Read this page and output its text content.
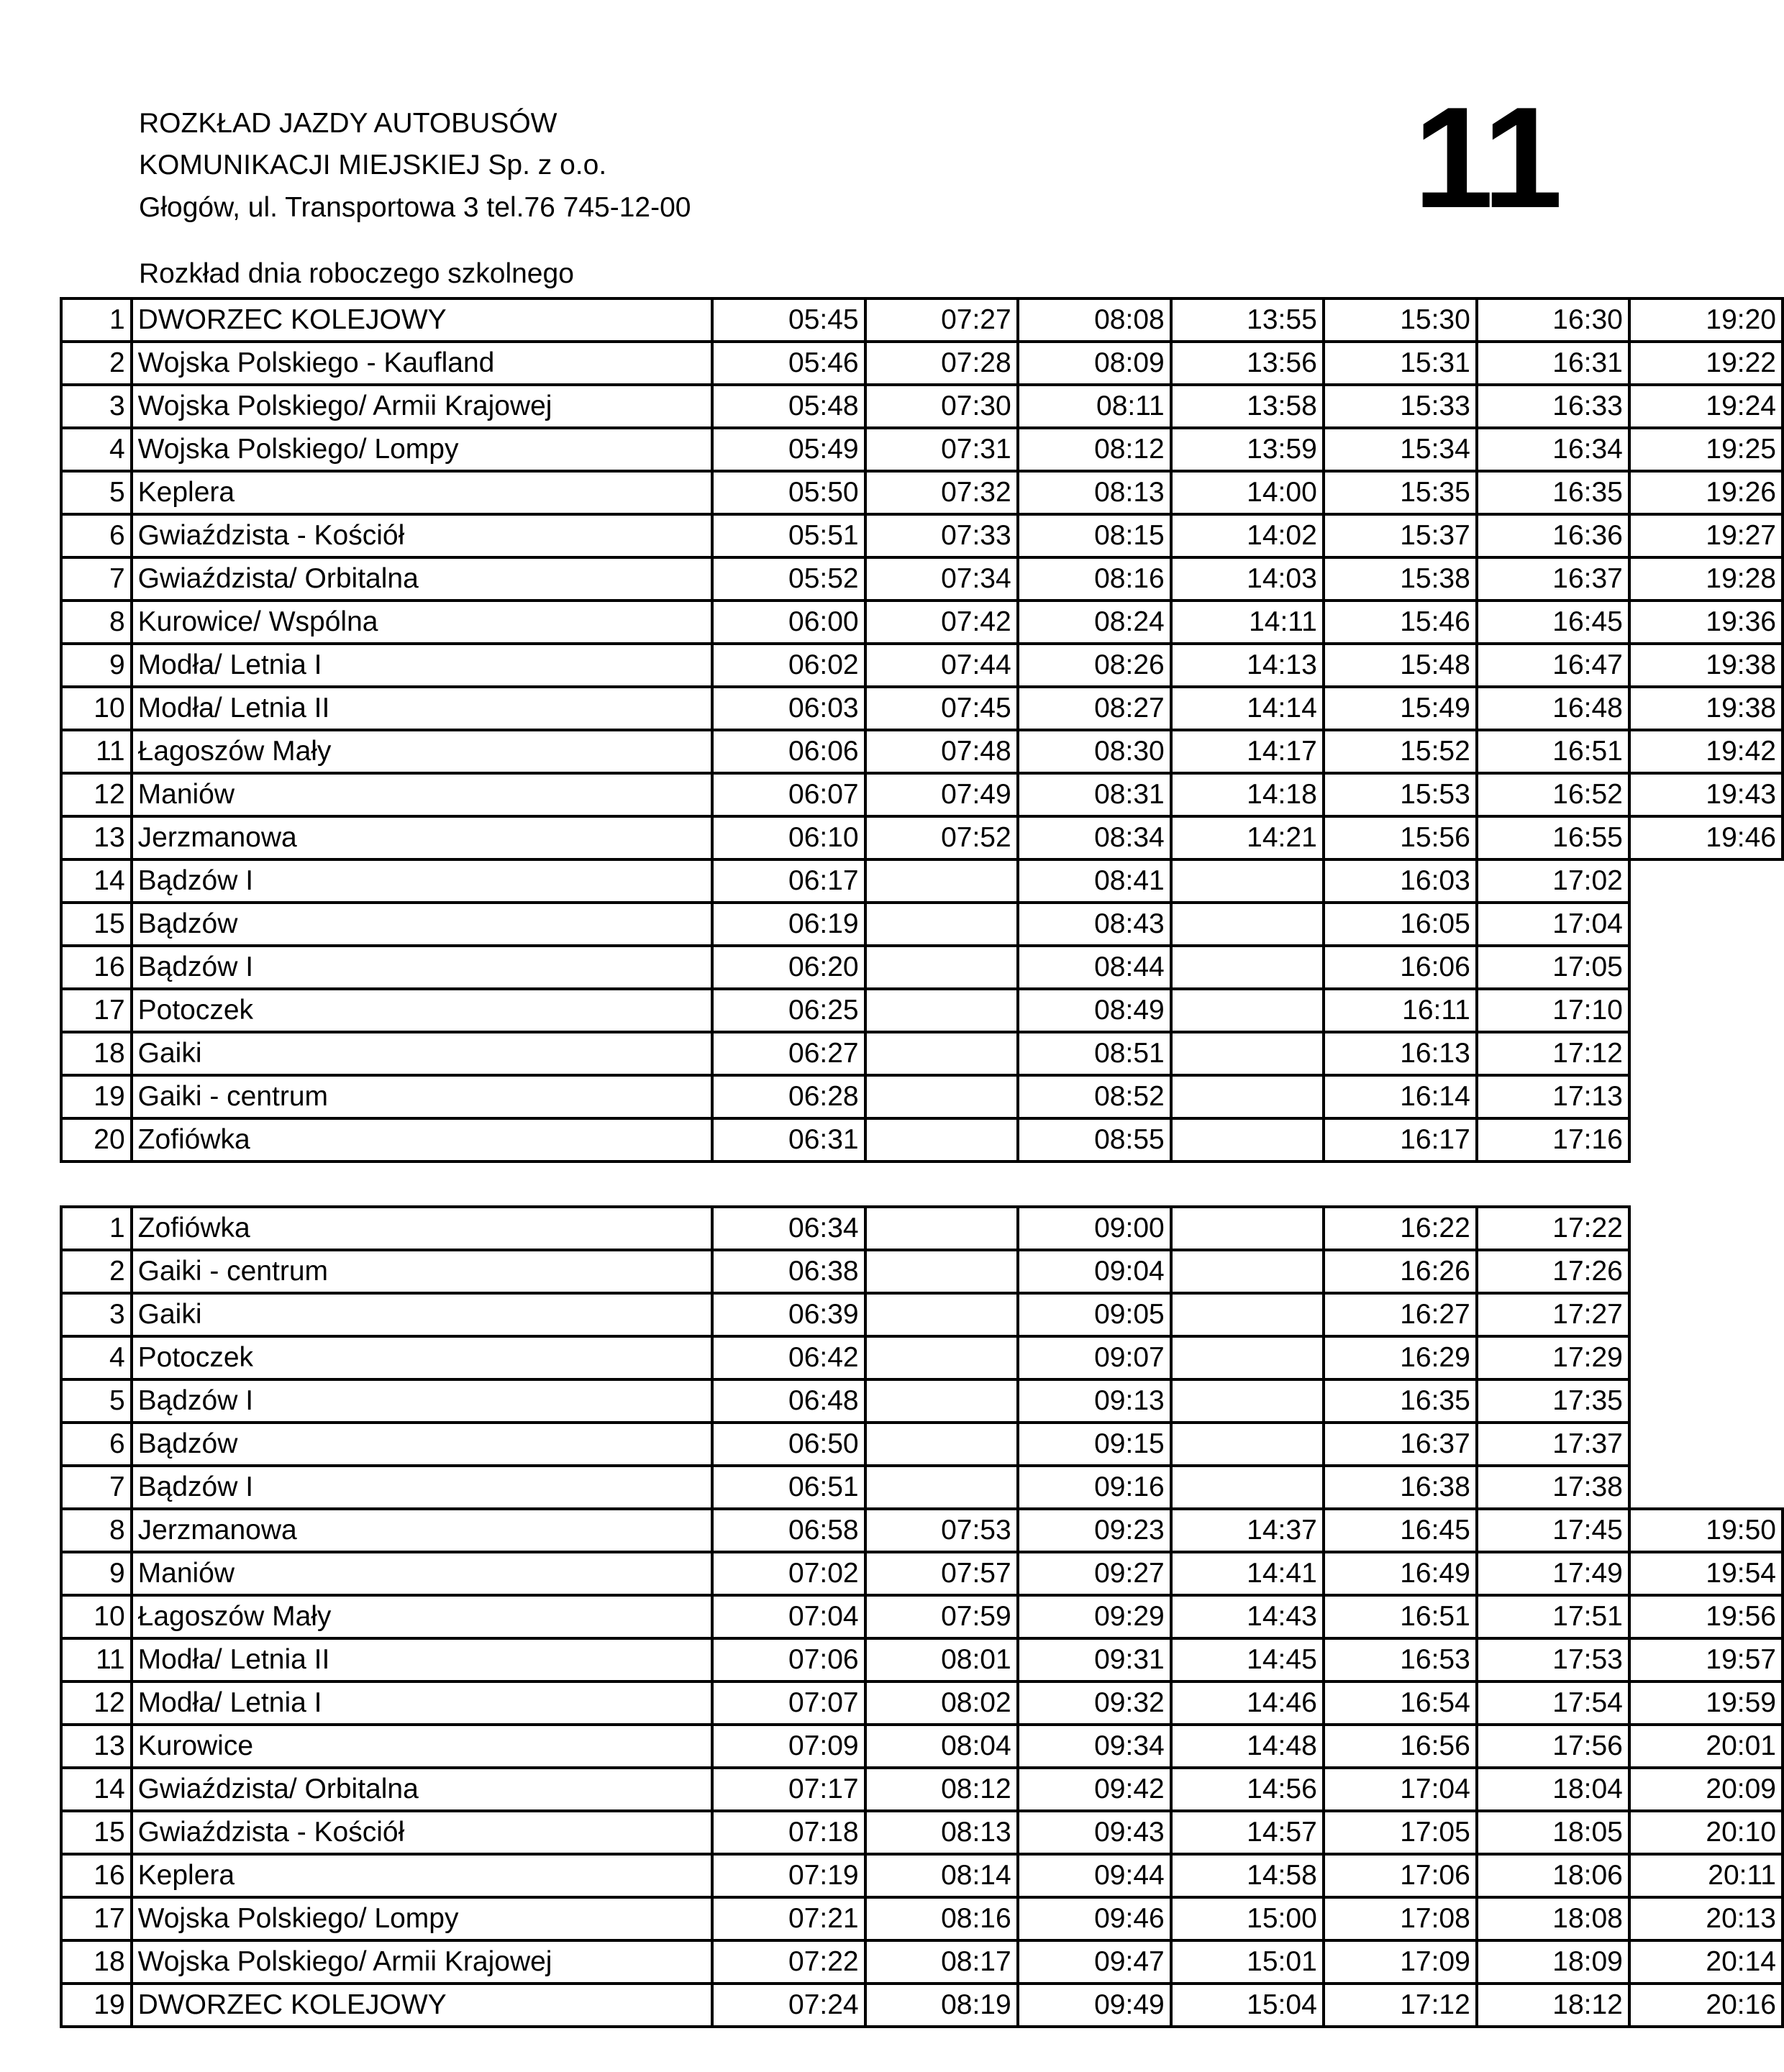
ROZKŁAD JAZDY AUTOBUSÓW
KOMUNIKACJI MIEJSKIEJ Sp. z o.o.
Głogów, ul. Transportowa 3 tel.76 745-12-00
Rozkład dnia roboczego szkolnego
11
1	DWORZEC KOLEJOWY	05:45	07:27	08:08	13:55	15:30	16:30	19:20
2	Wojska Polskiego - Kaufland	05:46	07:28	08:09	13:56	15:31	16:31	19:22
3	Wojska Polskiego/ Armii Krajowej	05:48	07:30	08:11	13:58	15:33	16:33	19:24
4	Wojska Polskiego/ Lompy	05:49	07:31	08:12	13:59	15:34	16:34	19:25
5	Keplera	05:50	07:32	08:13	14:00	15:35	16:35	19:26
6	Gwiaździsta - Kościół	05:51	07:33	08:15	14:02	15:37	16:36	19:27
7	Gwiaździsta/ Orbitalna	05:52	07:34	08:16	14:03	15:38	16:37	19:28
8	Kurowice/ Wspólna	06:00	07:42	08:24	14:11	15:46	16:45	19:36
9	Modła/ Letnia I	06:02	07:44	08:26	14:13	15:48	16:47	19:38
10	Modła/ Letnia II	06:03	07:45	08:27	14:14	15:49	16:48	19:38
11	Łagoszów Mały	06:06	07:48	08:30	14:17	15:52	16:51	19:42
12	Maniów	06:07	07:49	08:31	14:18	15:53	16:52	19:43
13	Jerzmanowa	06:10	07:52	08:34	14:21	15:56	16:55	19:46
14	Bądzów I	06:17		08:41		16:03	17:02	
15	Bądzów	06:19		08:43		16:05	17:04	
16	Bądzów I	06:20		08:44		16:06	17:05	
17	Potoczek	06:25		08:49		16:11	17:10	
18	Gaiki	06:27		08:51		16:13	17:12	
19	Gaiki - centrum	06:28		08:52		16:14	17:13	
20	Zofiówka	06:31		08:55		16:17	17:16	
1	Zofiówka	06:34		09:00		16:22	17:22	
2	Gaiki - centrum	06:38		09:04		16:26	17:26	
3	Gaiki	06:39		09:05		16:27	17:27	
4	Potoczek	06:42		09:07		16:29	17:29	
5	Bądzów I	06:48		09:13		16:35	17:35	
6	Bądzów	06:50		09:15		16:37	17:37	
7	Bądzów I	06:51		09:16		16:38	17:38	
8	Jerzmanowa	06:58	07:53	09:23	14:37	16:45	17:45	19:50
9	Maniów	07:02	07:57	09:27	14:41	16:49	17:49	19:54
10	Łagoszów Mały	07:04	07:59	09:29	14:43	16:51	17:51	19:56
11	Modła/ Letnia II	07:06	08:01	09:31	14:45	16:53	17:53	19:57
12	Modła/ Letnia I	07:07	08:02	09:32	14:46	16:54	17:54	19:59
13	Kurowice	07:09	08:04	09:34	14:48	16:56	17:56	20:01
14	Gwiaździsta/ Orbitalna	07:17	08:12	09:42	14:56	17:04	18:04	20:09
15	Gwiaździsta - Kościół	07:18	08:13	09:43	14:57	17:05	18:05	20:10
16	Keplera	07:19	08:14	09:44	14:58	17:06	18:06	20:11
17	Wojska Polskiego/ Lompy	07:21	08:16	09:46	15:00	17:08	18:08	20:13
18	Wojska Polskiego/ Armii Krajowej	07:22	08:17	09:47	15:01	17:09	18:09	20:14
19	DWORZEC KOLEJOWY	07:24	08:19	09:49	15:04	17:12	18:12	20:16
